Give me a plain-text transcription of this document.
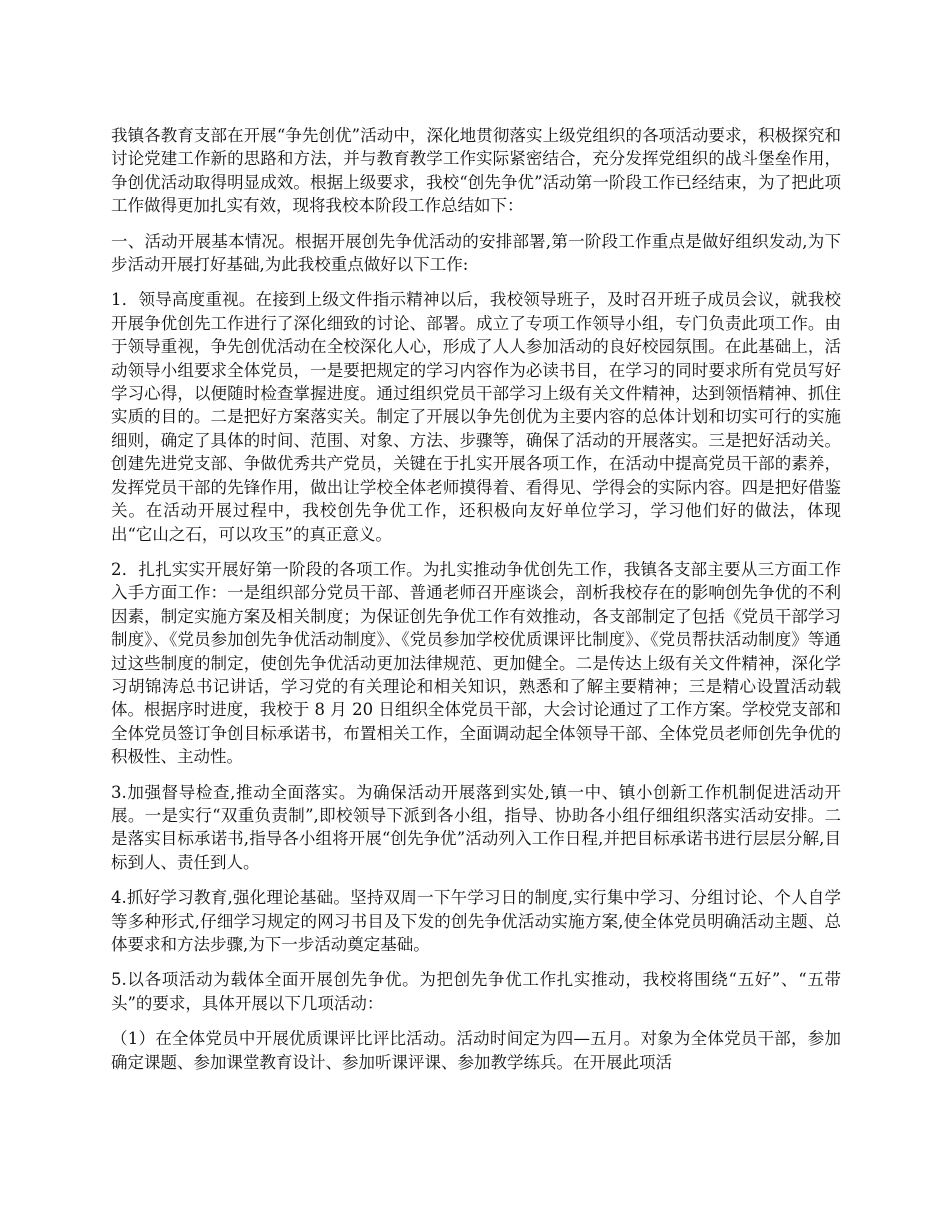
我镇各教育支部在开展“争先创优”活动中，深化地贯彻落实上级党组织的各项活动要求，积极探究和讨论党建工作新的思路和方法，并与教育教学工作实际紧密结合，充分发挥党组织的战斗堡垒作用，争创优活动取得明显成效。根据上级要求，我校“创先争优”活动第一阶段工作已经结束，为了把此项工作做得更加扎实有效，现将我校本阶段工作总结如下：

一、活动开展基本情况。根据开展创先争优活动的安排部署,第一阶段工作重点是做好组织发动,为下步活动开展打好基础,为此我校重点做好以下工作:

1．领导高度重视。在接到上级文件指示精神以后，我校领导班子，及时召开班子成员会议，就我校开展争优创先工作进行了深化细致的讨论、部署。成立了专项工作领导小组，专门负责此项工作。由于领导重视，争先创优活动在全校深化人心，形成了人人参加活动的良好校园氛围。在此基础上，活动领导小组要求全体党员，一是要把规定的学习内容作为必读书目，在学习的同时要求所有党员写好学习心得，以便随时检查掌握进度。通过组织党员干部学习上级有关文件精神，达到领悟精神、抓住实质的目的。二是把好方案落实关。制定了开展以争先创优为主要内容的总体计划和切实可行的实施细则，确定了具体的时间、范围、对象、方法、步骤等，确保了活动的开展落实。三是把好活动关。创建先进党支部、争做优秀共产党员，关键在于扎实开展各项工作，在活动中提高党员干部的素养，发挥党员干部的先锋作用，做出让学校全体老师摸得着、看得见、学得会的实际内容。四是把好借鉴关。在活动开展过程中，我校创先争优工作，还积极向友好单位学习，学习他们好的做法，体现出“它山之石，可以攻玉”的真正意义。

2．扎扎实实开展好第一阶段的各项工作。为扎实推动争优创先工作，我镇各支部主要从三方面工作入手方面工作：一是组织部分党员干部、普通老师召开座谈会，剖析我校存在的影响创先争优的不利因素，制定实施方案及相关制度；为保证创先争优工作有效推动，各支部制定了包括《党员干部学习制度》、《党员参加创先争优活动制度》、《党员参加学校优质课评比制度》、《党员帮扶活动制度》等通过这些制度的制定，使创先争优活动更加法律规范、更加健全。二是传达上级有关文件精神，深化学习胡锦涛总书记讲话，学习党的有关理论和相关知识，熟悉和了解主要精神；三是精心设置活动载体。根据序时进度，我校于 8 月 20 日组织全体党员干部，大会讨论通过了工作方案。学校党支部和全体党员签订争创目标承诺书，布置相关工作，全面调动起全体领导干部、全体党员老师创先争优的积极性、主动性。

3.加强督导检查,推动全面落实。为确保活动开展落到实处,镇一中、镇小创新工作机制促进活动开展。一是实行“双重负责制”,即校领导下派到各小组，指导、协助各小组仔细组织落实活动安排。二是落实目标承诺书,指导各小组将开展“创先争优”活动列入工作日程,并把目标承诺书进行层层分解,目标到人、责任到人。

4.抓好学习教育,强化理论基础。坚持双周一下午学习日的制度,实行集中学习、分组讨论、个人自学等多种形式,仔细学习规定的网习书目及下发的创先争优活动实施方案,使全体党员明确活动主题、总体要求和方法步骤,为下一步活动奠定基础。

5.以各项活动为载体全面开展创先争优。为把创先争优工作扎实推动，我校将围绕“五好”、“五带头”的要求，具体开展以下几项活动：

（1）在全体党员中开展优质课评比评比活动。活动时间定为四—五月。对象为全体党员干部，参加确定课题、参加课堂教育设计、参加听课评课、参加教学练兵。在开展此项活
